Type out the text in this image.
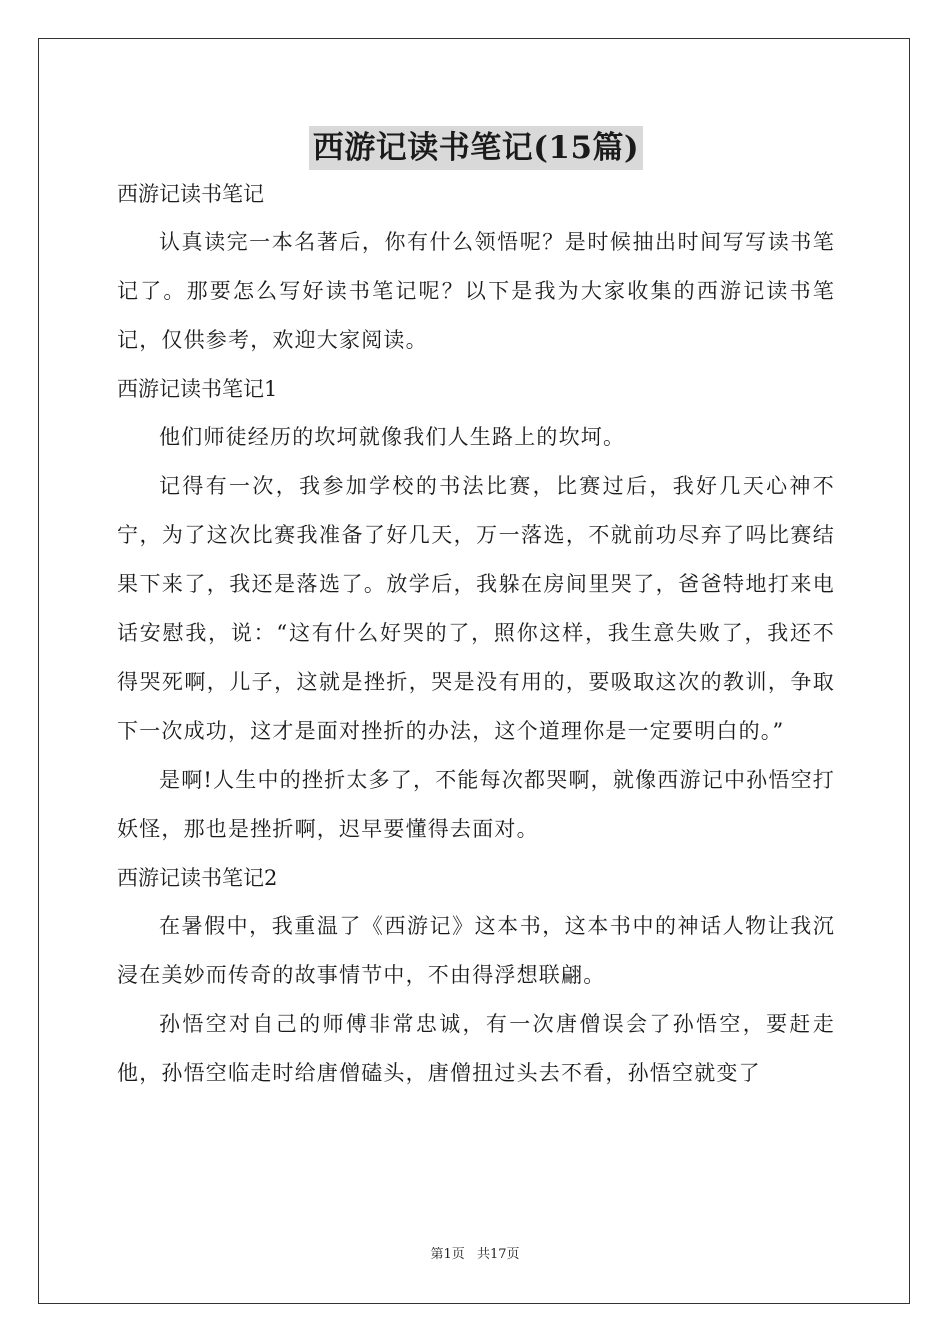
西游记读书笔记(15篇)

西游记读书笔记

认真读完一本名著后，你有什么领悟呢？是时候抽出时间写写读书笔记了。那要怎么写好读书笔记呢？以下是我为大家收集的西游记读书笔记，仅供参考，欢迎大家阅读。

西游记读书笔记1

他们师徒经历的坎坷就像我们人生路上的坎坷。

记得有一次，我参加学校的书法比赛，比赛过后，我好几天心神不宁，为了这次比赛我准备了好几天，万一落选，不就前功尽弃了吗比赛结果下来了，我还是落选了。放学后，我躲在房间里哭了，爸爸特地打来电话安慰我，说：“这有什么好哭的了，照你这样，我生意失败了，我还不得哭死啊，儿子，这就是挫折，哭是没有用的，要吸取这次的教训，争取下一次成功，这才是面对挫折的办法，这个道理你是一定要明白的。”

是啊!人生中的挫折太多了，不能每次都哭啊，就像西游记中孙悟空打妖怪，那也是挫折啊，迟早要懂得去面对。

西游记读书笔记2

在暑假中，我重温了《西游记》这本书，这本书中的神话人物让我沉浸在美妙而传奇的故事情节中，不由得浮想联翩。

孙悟空对自己的师傅非常忠诚，有一次唐僧误会了孙悟空，要赶走他，孙悟空临走时给唐僧磕头，唐僧扭过头去不看，孙悟空就变了

第1页 共17页
